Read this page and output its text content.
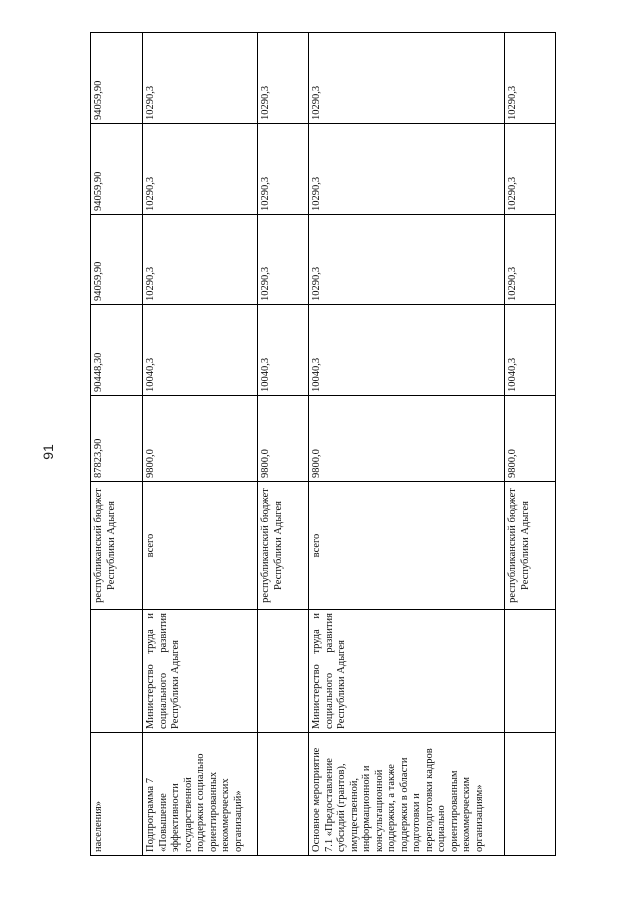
91
населения»		республиканский бюджет Республики Адыгея	87823,90	90448,30	94059,90	94059,90	94059,90
Подпрограмма 7 «Повышение эффективности государственной поддержки социально ориентированных некоммерческих организаций»	Министерство труда и социального развития Республики Адыгея	всего	9800,0	10040,3	10290,3	10290,3	10290,3
		республиканский бюджет Республики Адыгея	9800,0	10040,3	10290,3	10290,3	10290,3
Основное мероприятие 7.1 «Предоставление субсидий (грантов), имущественной, информационной и консультационной поддержки, а также поддержки в области подготовки и переподготовки кадров социально ориентированным некоммерческим организациям»	Министерство труда и социального развития Республики Адыгея	всего	9800,0	10040,3	10290,3	10290,3	10290,3
		республиканский бюджет Республики Адыгея	9800,0	10040,3	10290,3	10290,3	10290,3
